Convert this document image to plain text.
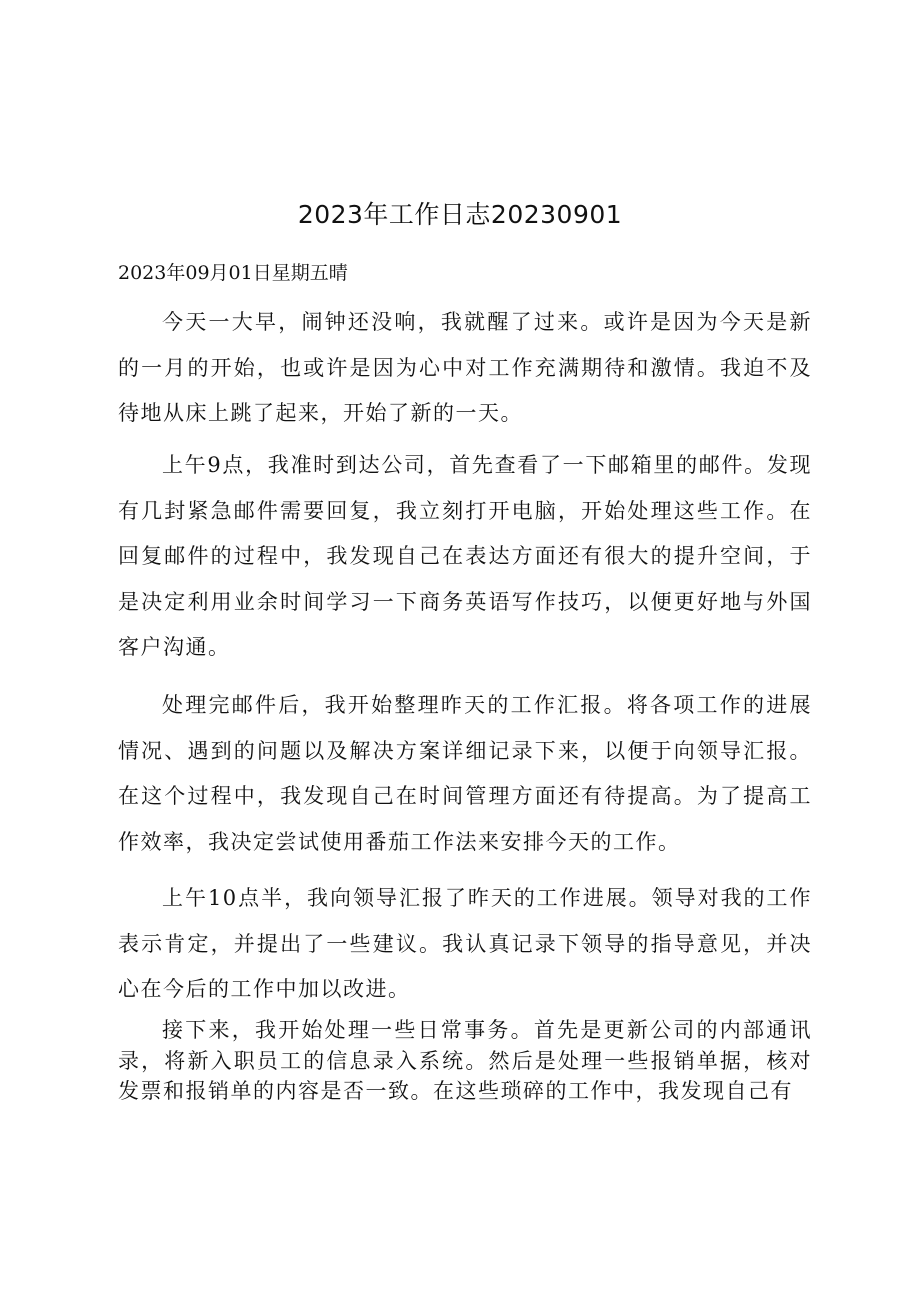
2023年工作日志20230901

2023年09月01日星期五晴

今天一大早，闹钟还没响，我就醒了过来。或许是因为今天是新的一月的开始，也或许是因为心中对工作充满期待和激情。我迫不及待地从床上跳了起来，开始了新的一天。

上午9点，我准时到达公司，首先查看了一下邮箱里的邮件。发现有几封紧急邮件需要回复，我立刻打开电脑，开始处理这些工作。在回复邮件的过程中，我发现自己在表达方面还有很大的提升空间，于是决定利用业余时间学习一下商务英语写作技巧，以便更好地与外国客户沟通。

处理完邮件后，我开始整理昨天的工作汇报。将各项工作的进展情况、遇到的问题以及解决方案详细记录下来，以便于向领导汇报。在这个过程中，我发现自己在时间管理方面还有待提高。为了提高工作效率，我决定尝试使用番茄工作法来安排今天的工作。

上午10点半，我向领导汇报了昨天的工作进展。领导对我的工作表示肯定，并提出了一些建议。我认真记录下领导的指导意见，并决心在今后的工作中加以改进。

接下来，我开始处理一些日常事务。首先是更新公司的内部通讯录，将新入职员工的信息录入系统。然后是处理一些报销单据，核对发票和报销单的内容是否一致。在这些琐碎的工作中，我发现自己有
